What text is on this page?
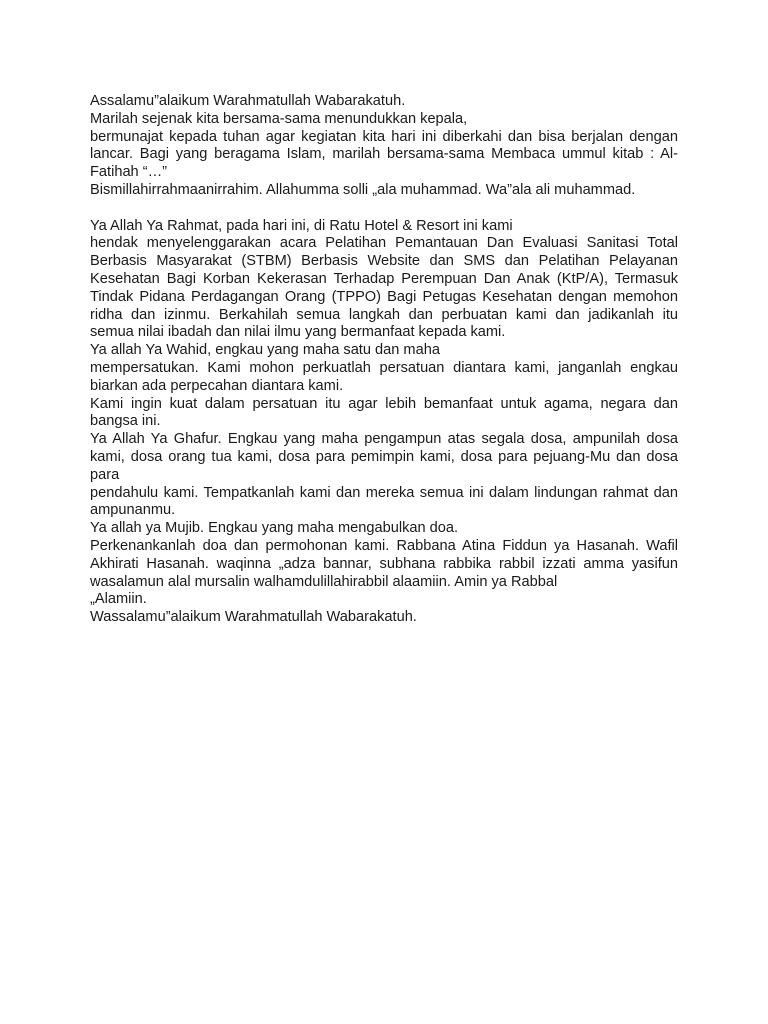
Assalamu”alaikum Warahmatullah Wabarakatuh.
Marilah sejenak kita bersama-sama menundukkan kepala,
bermunajat kepada tuhan agar kegiatan kita hari ini diberkahi dan bisa berjalan dengan
lancar. Bagi yang beragama Islam, marilah bersama-sama Membaca ummul kitab : Al-
Fatihah “…”
Bismillahirrahmaanirrahim. Allahumma solli „ala muhammad. Wa”ala ali muhammad.
Ya Allah Ya Rahmat, pada hari ini, di Ratu Hotel & Resort ini kami
hendak menyelenggarakan acara Pelatihan Pemantauan Dan Evaluasi Sanitasi Total
Berbasis Masyarakat (STBM) Berbasis Website dan SMS dan Pelatihan Pelayanan
Kesehatan Bagi Korban Kekerasan Terhadap Perempuan Dan Anak (KtP/A), Termasuk
Tindak Pidana Perdagangan Orang (TPPO) Bagi Petugas Kesehatan dengan memohon
ridha dan izinmu. Berkahilah semua langkah dan perbuatan kami dan jadikanlah itu
semua nilai ibadah dan nilai ilmu yang bermanfaat kepada kami.
Ya allah Ya Wahid, engkau yang maha satu dan maha
mempersatukan. Kami mohon perkuatlah persatuan diantara kami, janganlah engkau
biarkan ada perpecahan diantara kami.
Kami ingin kuat dalam persatuan itu agar lebih bemanfaat untuk agama, negara dan
bangsa ini.
Ya Allah Ya Ghafur. Engkau yang maha pengampun atas segala dosa, ampunilah dosa
kami, dosa orang tua kami, dosa para pemimpin kami, dosa para pejuang-Mu dan dosa
para
pendahulu kami. Tempatkanlah kami dan mereka semua ini dalam lindungan rahmat dan
ampunanmu.
Ya allah ya Mujib. Engkau yang maha mengabulkan doa.
Perkenankanlah doa dan permohonan kami. Rabbana Atina Fiddun ya Hasanah. Wafil
Akhirati Hasanah. waqinna „adza bannar, subhana rabbika rabbil izzati amma yasifun
wasalamun alal mursalin walhamdulillahirabbil alaamiin. Amin ya Rabbal
„Alamiin.
Wassalamu”alaikum Warahmatullah Wabarakatuh.
